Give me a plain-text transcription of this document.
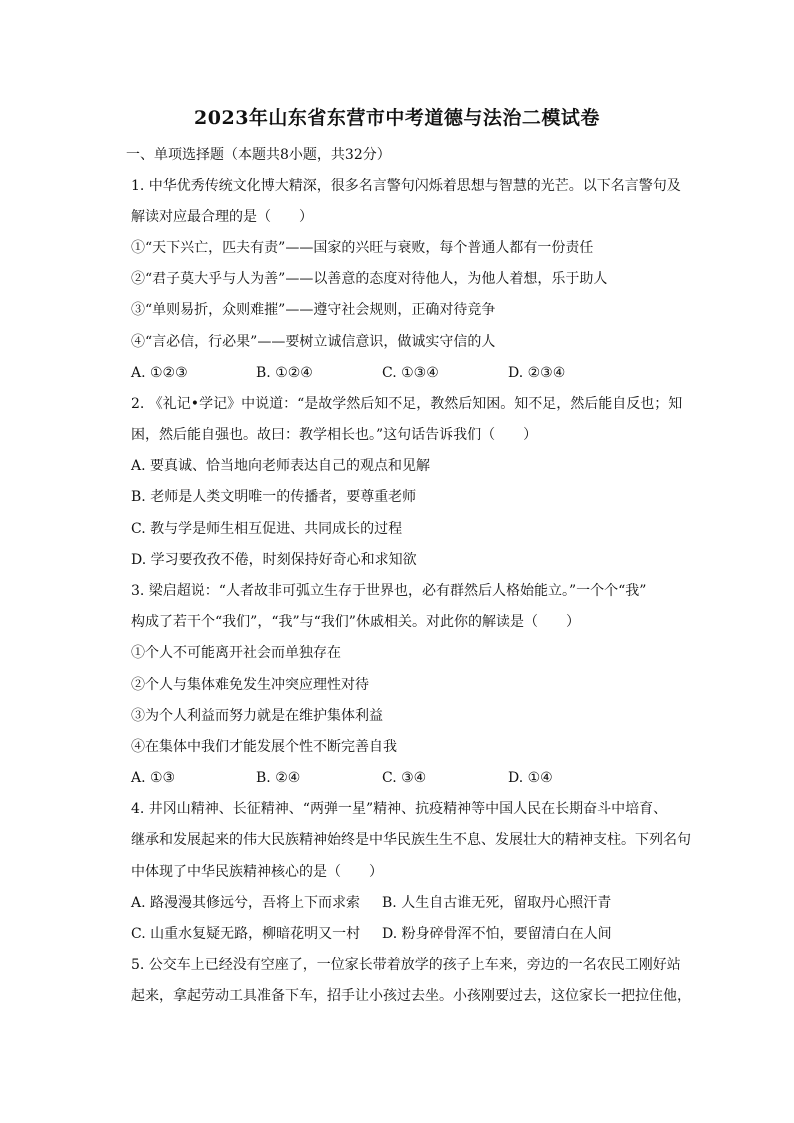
2023年山东省东营市中考道德与法治二模试卷
一、单项选择题（本题共8小题，共32分）
1. 中华优秀传统文化博大精深，很多名言警句闪烁着思想与智慧的光芒。以下名言警句及
解读对应最合理的是（　　）
①“天下兴亡，匹夫有责”——国家的兴旺与衰败，每个普通人都有一份责任
②“君子莫大乎与人为善”——以善意的态度对待他人，为他人着想，乐于助人
③“单则易折，众则难摧”——遵守社会规则，正确对待竞争
④“言必信，行必果”——要树立诚信意识，做诚实守信的人
A. ①②③	B. ①②④	C. ①③④	D. ②③④
2. 《礼记•学记》中说道：“是故学然后知不足，教然后知困。知不足，然后能自反也；知
困，然后能自强也。故曰：教学相长也。”这句话告诉我们（　　）
A. 要真诚、恰当地向老师表达自己的观点和见解
B. 老师是人类文明唯一的传播者，要尊重老师
C. 教与学是师生相互促进、共同成长的过程
D. 学习要孜孜不倦，时刻保持好奇心和求知欲
3. 梁启超说：“人者故非可弧立生存于世界也，必有群然后人格始能立。”一个个“我”
构成了若干个“我们”，“我”与“我们”休戚相关。对此你的解读是（　　）
①个人不可能离开社会而单独存在
②个人与集体难免发生冲突应理性对待
③为个人利益而努力就是在维护集体利益
④在集体中我们才能发展个性不断完善自我
A. ①③	B. ②④	C. ③④	D. ①④
4. 井冈山精神、长征精神、“两弹一星”精神、抗疫精神等中国人民在长期奋斗中培育、
继承和发展起来的伟大民族精神始终是中华民族生生不息、发展壮大的精神支柱。下列名句
中体现了中华民族精神核心的是（　　）
A. 路漫漫其修远兮，吾将上下而求索 B. 人生自古谁无死，留取丹心照汗青
C. 山重水复疑无路，柳暗花明又一村 D. 粉身碎骨浑不怕，要留清白在人间
5. 公交车上已经没有空座了，一位家长带着放学的孩子上车来，旁边的一名农民工刚好站
起来，拿起劳动工具准备下车，招手让小孩过去坐。小孩刚要过去，这位家长一把拉住他，
